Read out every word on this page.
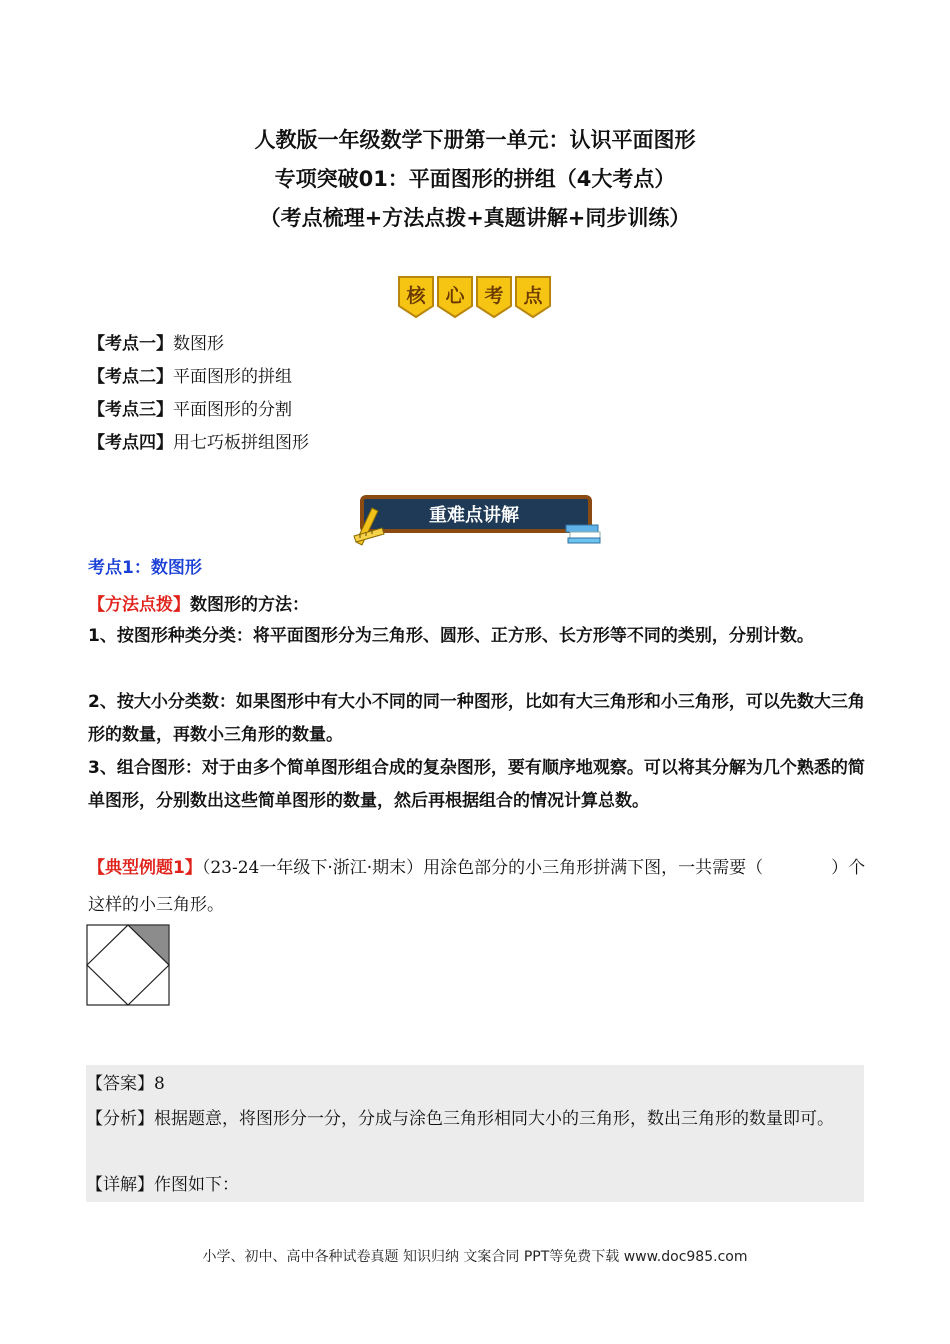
人教版一年级数学下册第一单元：认识平面图形
专项突破01：平面图形的拼组（4大考点）
（考点梳理+方法点拨+真题讲解+同步训练）
核 心 考 点
【考点一】数图形
【考点二】平面图形的拼组
【考点三】平面图形的分割
【考点四】用七巧板拼组图形
重难点讲解
考点1：数图形
【方法点拨】数图形的方法：
1、按图形种类分类：将平面图形分为三角形、圆形、正方形、长方形等不同的类别，分别计数。
2、按大小分类数：如果图形中有大小不同的同一种图形，比如有大三角形和小三角形，可以先数大三角形的数量，再数小三角形的数量。
3、组合图形：对于由多个简单图形组合成的复杂图形，要有顺序地观察。可以将其分解为几个熟悉的简单图形，分别数出这些简单图形的数量，然后再根据组合的情况计算总数。
【典型例题1】（23-24一年级下·浙江·期末）用涂色部分的小三角形拼满下图，一共需要（　　　　）个这样的小三角形。
【答案】8
【分析】根据题意，将图形分一分，分成与涂色三角形相同大小的三角形，数出三角形的数量即可。
【详解】作图如下：
小学、初中、高中各种试卷真题 知识归纳 文案合同 PPT等免费下载 www.doc985.com
